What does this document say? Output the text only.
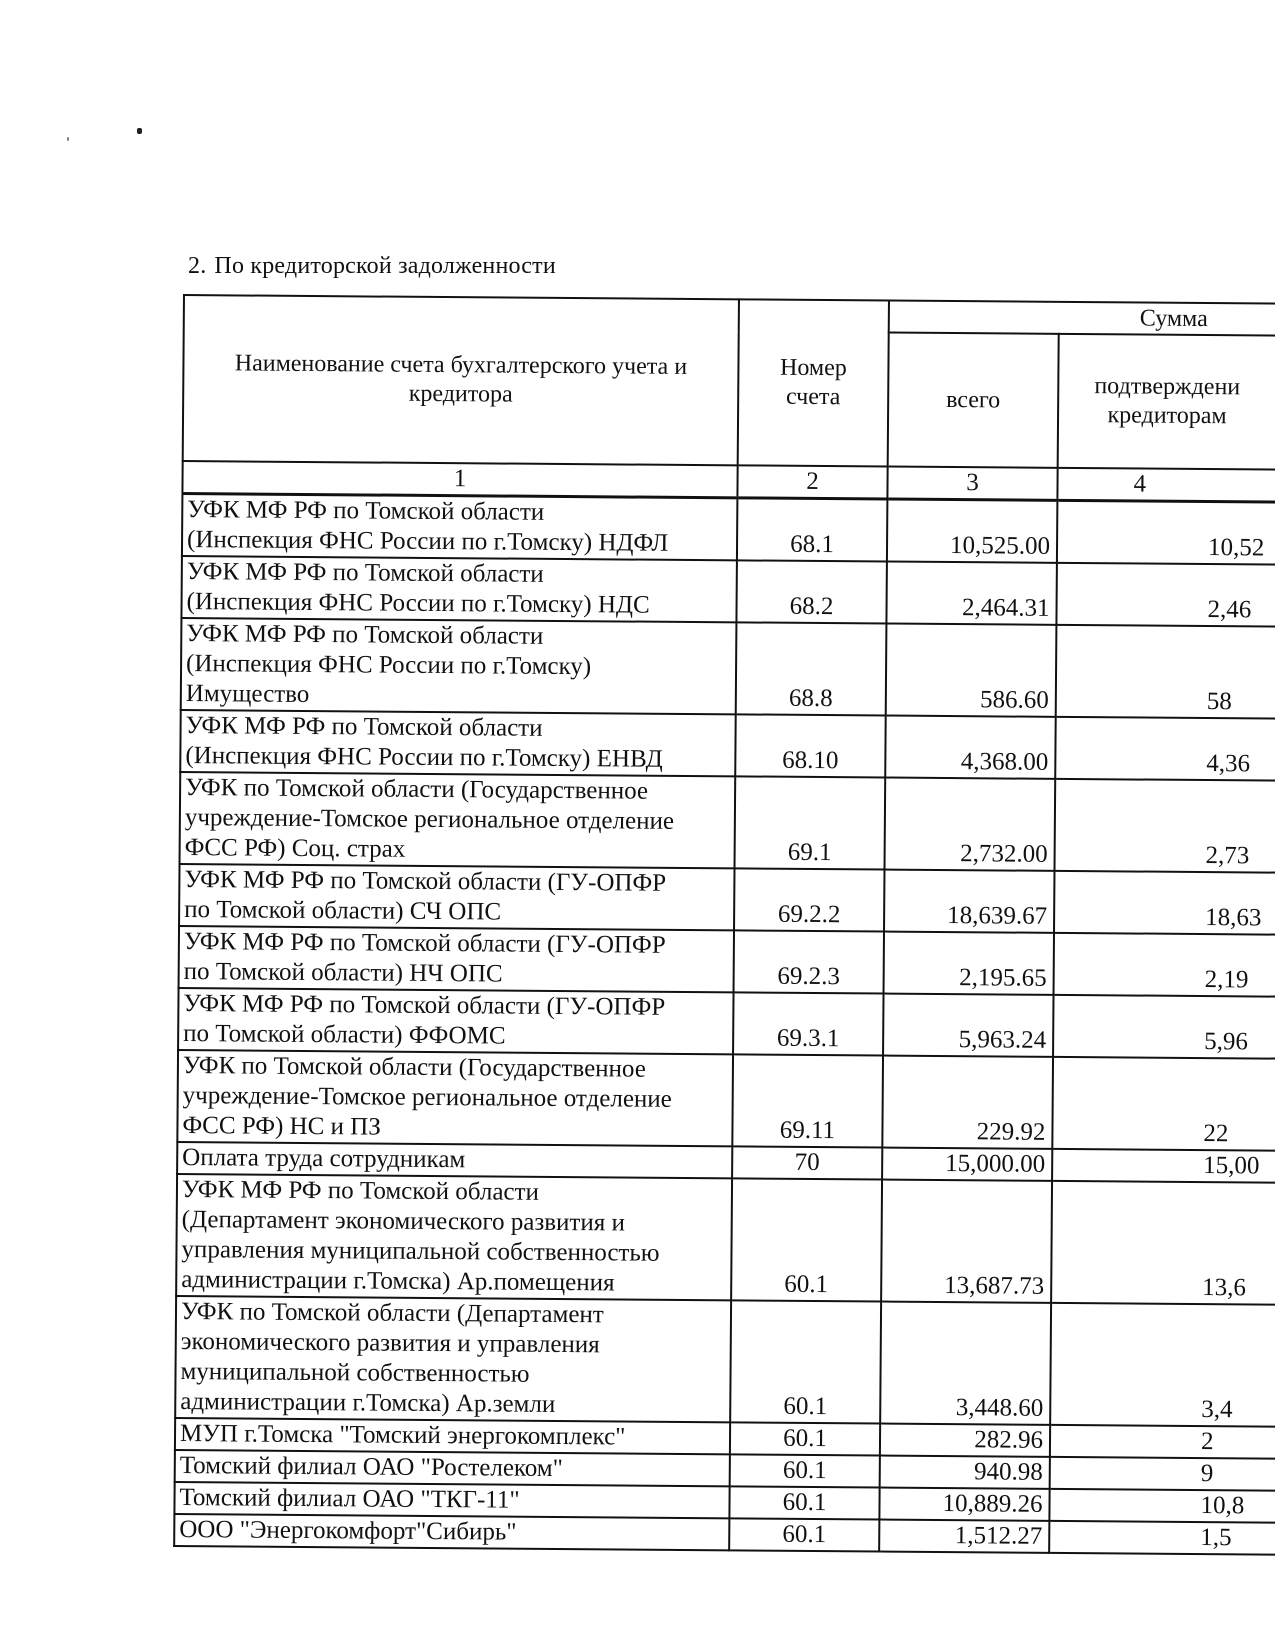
2. По кредиторской задолженности
Наименование счета бухгалтерского учета и кредитора	Номер счета	Сумма	
		всего	подтверждени кредиторам

1	2	3	4

УФК МФ РФ по Томской области
(Инспекция ФНС России по г.Томску) НДФЛ	68.1	10,525.00	10,52

УФК МФ РФ по Томской области
(Инспекция ФНС России по г.Томску) НДС	68.2	2,464.31	2,46

УФК МФ РФ по Томской области
(Инспекция ФНС России по г.Томску)
Имущество	68.8	586.60	58

УФК МФ РФ по Томской области
(Инспекция ФНС России по г.Томску) ЕНВД	68.10	4,368.00	4,36

УФК по Томской области (Государственное
учреждение-Томское региональное отделение
ФСС РФ) Соц. страх	69.1	2,732.00	2,73

УФК МФ РФ по Томской области (ГУ-ОПФР
по Томской области) СЧ ОПС	69.2.2	18,639.67	18,63

УФК МФ РФ по Томской области (ГУ-ОПФР
по Томской области) НЧ ОПС	69.2.3	2,195.65	2,19

УФК МФ РФ по Томской области (ГУ-ОПФР
по Томской области) ФФОМС	69.3.1	5,963.24	5,96

УФК по Томской области (Государственное
учреждение-Томское региональное отделение
ФСС РФ) НС и ПЗ	69.11	229.92	22

Оплата труда сотрудникам	70	15,000.00	15,00

УФК МФ РФ по Томской области
(Департамент экономического развития и
управления муниципальной собственностью
администрации г.Томска) Ар.помещения	60.1	13,687.73	13,6

УФК по Томской области (Департамент
экономического развития и управления
муниципальной собственностью
администрации г.Томска) Ар.земли	60.1	3,448.60	3,4

МУП г.Томска "Томский энергокомплекс"	60.1	282.96	2

Томский филиал ОАО "Ростелеком"	60.1	940.98	9

Томский филиал ОАО "ТКГ-11"	60.1	10,889.26	10,8

ООО "Энергокомфорт"Сибирь"	60.1	1,512.27	1,5
